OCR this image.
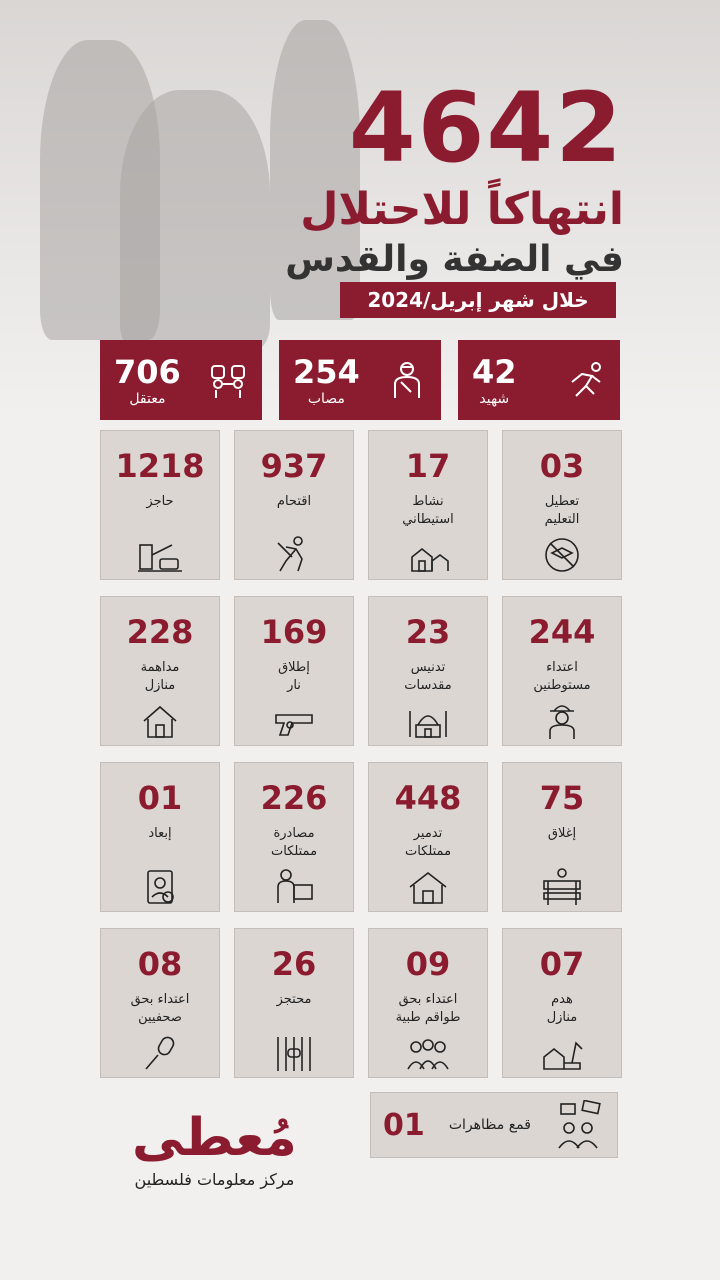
4642
انتهاكاً للاحتلال
في الضفة والقدس
خلال شهر إبريل/2024
706
معتقل
254
مصاب
42
شهيد
1218
حاجز
937
اقتحام
17
نشاط
استيطاني
03
تعطيل
التعليم
228
مداهمة
منازل
169
إطلاق
نار
23
تدنيس
مقدسات
244
اعتداء
مستوطنين
01
إبعاد
226
مصادرة
ممتلكات
448
تدمير
ممتلكات
75
إغلاق
08
اعتداء بحق
صحفيين
26
محتجز
09
اعتداء بحق
طواقم طبية
07
هدم
منازل
01 قمع مظاهرات
مُعطى
مركز معلومات فلسطين
